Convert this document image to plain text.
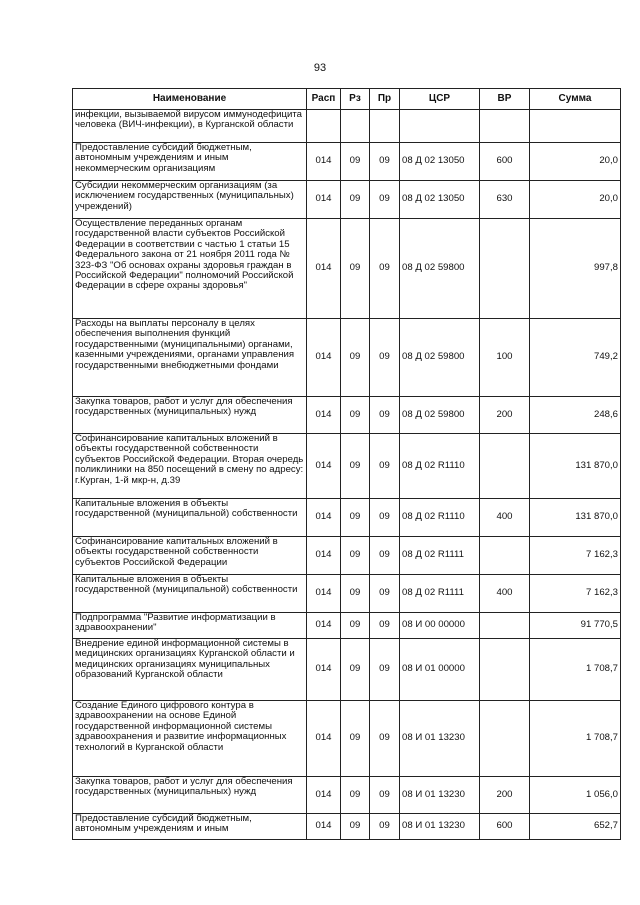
93
Наименование	Расп	Рз	Пр	ЦСР	ВР	Сумма
инфекции, вызываемой вирусом иммунодефицита человека (ВИЧ-инфекции), в Курганской области						
Предоставление субсидий бюджетным, автономным учреждениям и иным некоммерческим организациям	014	09	09	08 Д 02 13050	600	20,0
Субсидии некоммерческим организациям (за исключением государственных (муниципальных) учреждений)	014	09	09	08 Д 02 13050	630	20,0
Осуществление переданных органам государственной власти субъектов Российской Федерации в соответствии с частью 1 статьи 15 Федерального закона от 21 ноября 2011 года № 323-ФЗ "Об основах охраны здоровья граждан в Российской Федерации" полномочий Российской Федерации в сфере охраны здоровья"	014	09	09	08 Д 02 59800		997,8
Расходы на выплаты персоналу в целях обеспечения выполнения функций государственными (муниципальными) органами, казенными учреждениями, органами управления государственными внебюджетными фондами	014	09	09	08 Д 02 59800	100	749,2
Закупка товаров, работ и услуг для обеспечения государственных (муниципальных) нужд	014	09	09	08 Д 02 59800	200	248,6
Софинансирование капитальных вложений в объекты государственной собственности субъектов Российской Федерации. Вторая очередь поликлиники на 850 посещений в смену по адресу: г.Курган, 1-й мкр-н, д.39	014	09	09	08 Д 02 R1110		131 870,0
Капитальные вложения в объекты государственной (муниципальной) собственности	014	09	09	08 Д 02 R1110	400	131 870,0
Софинансирование капитальных вложений в объекты государственной собственности субъектов Российской Федерации	014	09	09	08 Д 02 R1111		7 162,3
Капитальные вложения в объекты государственной (муниципальной) собственности	014	09	09	08 Д 02 R1111	400	7 162,3
Подпрограмма "Развитие информатизации в здравоохранении"	014	09	09	08 И 00 00000		91 770,5
Внедрение единой информационной системы в медицинских организациях Курганской области и медицинских организациях муниципальных образований Курганской области	014	09	09	08 И 01 00000		1 708,7
Создание Единого цифрового контура в здравоохранении на основе Единой государственной информационной системы здравоохранения и развитие информационных технологий в Курганской области	014	09	09	08 И 01 13230		1 708,7
Закупка товаров, работ и услуг для обеспечения государственных (муниципальных) нужд	014	09	09	08 И 01 13230	200	1 056,0
Предоставление субсидий бюджетным, автономным учреждениям и иным	014	09	09	08 И 01 13230	600	652,7
